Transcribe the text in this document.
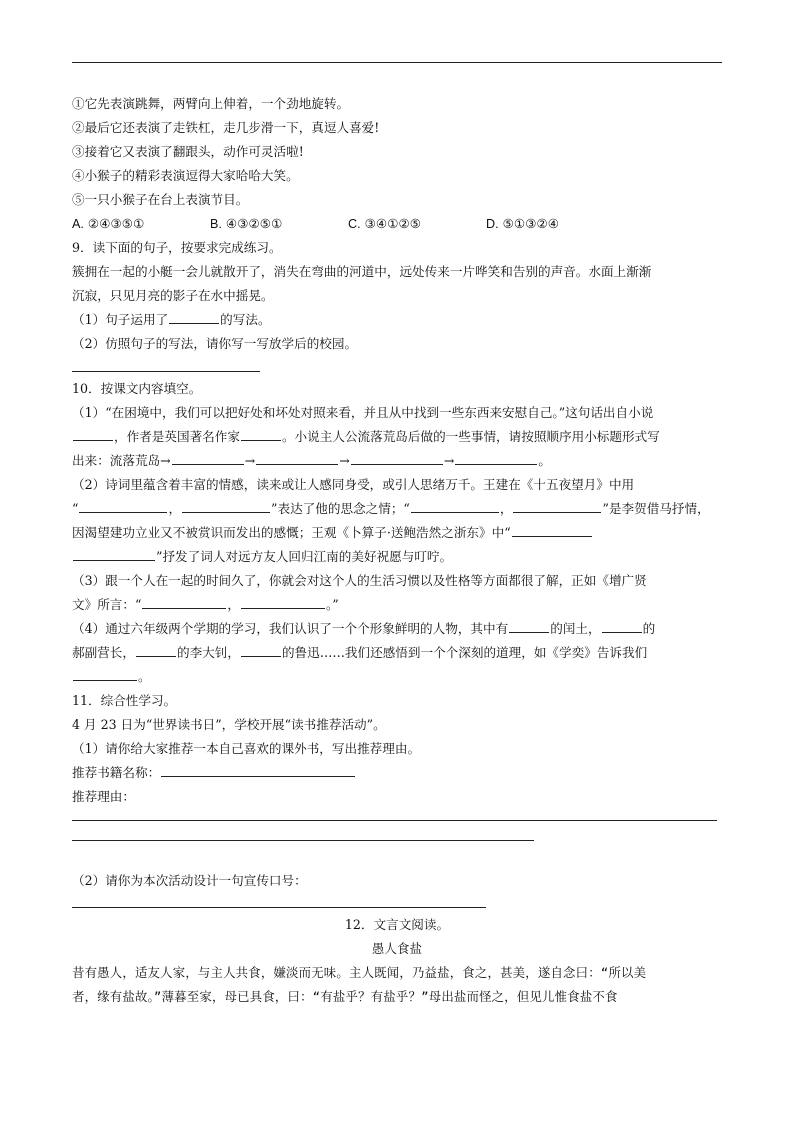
①它先表演跳舞，两臂向上伸着，一个劲地旋转。
②最后它还表演了走铁杠，走几步滑一下，真逗人喜爱!
③接着它又表演了翻跟头，动作可灵活啦!
④小猴子的精彩表演逗得大家哈哈大笑。
⑤一只小猴子在台上表演节目。
A. ②④③⑤①	B. ④③②⑤①	C. ③④①②⑤	D. ⑤①③②④
9．读下面的句子，按要求完成练习。
簇拥在一起的小艇一会儿就散开了，消失在弯曲的河道中，远处传来一片哗笑和告别的声音。水面上渐渐
沉寂，只见月亮的影子在水中摇晃。
（1）句子运用了	的写法。
（2）仿照句子的写法，请你写一写放学后的校园。
10．按课文内容填空。
（1）“在困境中，我们可以把好处和坏处对照来看，并且从中找到一些东西来安慰自己。”这句话出自小说
，作者是英国著名作家	。小说主人公流落荒岛后做的一些事情，请按照顺序用小标题形式写
出来：流落荒岛→	→	→	→	。
（2）诗词里蕴含着丰富的情感，读来或让人感同身受，或引人思绪万千。王建在《十五夜望月》中用
“	，	”表达了他的思念之情；“	，	”是李贺借马抒情，
因渴望建功立业又不被赏识而发出的感慨；王观《卜算子·送鲍浩然之浙东》中“
”抒发了词人对远方友人回归江南的美好祝愿与叮咛。
（3）跟一个人在一起的时间久了，你就会对这个人的生活习惯以及性格等方面都很了解，正如《增广贤
文》所言：“	，	。”
（4）通过六年级两个学期的学习，我们认识了一个个形象鲜明的人物，其中有	的闰土，	的
郝副营长，	的李大钊，	的鲁迅……我们还感悟到一个个深刻的道理，如《学奕》告诉我们
。
11．综合性学习。
4 月 23 日为“世界读书日”，学校开展“读书推荐活动”。
（1）请你给大家推荐一本自己喜欢的课外书，写出推荐理由。
推荐书籍名称：
推荐理由：
（2）请你为本次活动设计一句宣传口号：
12．文言文阅读。
愚人食盐
昔有愚人，适友人家，与主人共食，嫌淡而无味。主人既闻，乃益盐，食之，甚美，遂自念曰：“所以美
者，缘有盐故。”薄暮至家，母已具食，曰：“有盐乎？有盐乎？”母出盐而怪之，但见儿惟食盐不食
